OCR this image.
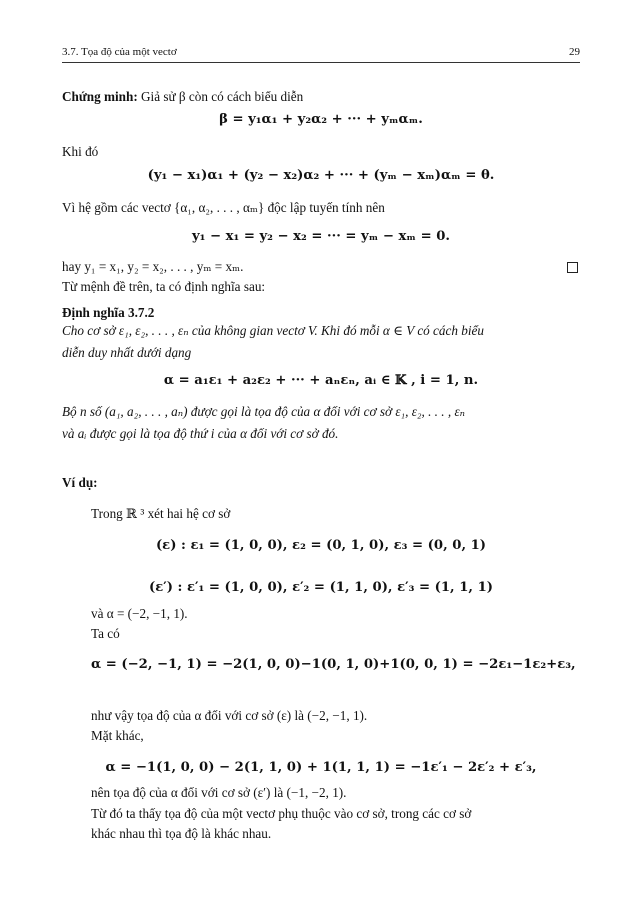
3.7. Tọa độ của một vectơ	29
Chứng minh: Giả sử β còn có cách biểu diễn
β = y₁α₁ + y₂α₂ + ··· + yₘαₘ.
Khi đó
(y₁ − x₁)α₁ + (y₂ − x₂)α₂ + ··· + (yₘ − xₘ)αₘ = θ.
Vì hệ gồm các vectơ {α₁, α₂, . . . , αₘ} độc lập tuyến tính nên
y₁ − x₁ = y₂ − x₂ = ··· = yₘ − xₘ = 0.
hay y₁ = x₁, y₂ = x₂, . . . , yₘ = xₘ.
Từ mệnh đề trên, ta có định nghĩa sau:
Định nghĩa 3.7.2
Cho cơ sở ε₁, ε₂, . . . , εₙ của không gian vectơ V. Khi đó mỗi α ∈ V có cách biểu
diễn duy nhất dưới dạng
α = a₁ε₁ + a₂ε₂ + ··· + aₙεₙ, aᵢ ∈ 𝕂 , i = 1, n.
Bộ n số (a₁, a₂, . . . , aₙ) được gọi là tọa độ của α đối với cơ sở ε₁, ε₂, . . . , εₙ
và aᵢ được gọi là tọa độ thứ i của α đối với cơ sở đó.
Ví dụ:
Trong ℝ ³ xét hai hệ cơ sở
(ε) : ε₁ = (1, 0, 0), ε₂ = (0, 1, 0), ε₃ = (0, 0, 1)
(ε′) : ε′₁ = (1, 0, 0), ε′₂ = (1, 1, 0), ε′₃ = (1, 1, 1)
và α = (−2, −1, 1).
Ta có
α = (−2, −1, 1) = −2(1, 0, 0)−1(0, 1, 0)+1(0, 0, 1) = −2ε₁−1ε₂+ε₃,
như vậy tọa độ của α đối với cơ sở (ε) là (−2, −1, 1).
Mặt khác,
α = −1(1, 0, 0) − 2(1, 1, 0) + 1(1, 1, 1) = −1ε′₁ − 2ε′₂ + ε′₃,
nên tọa độ của α đối với cơ sở (ε′) là (−1, −2, 1).
Từ đó ta thấy tọa độ của một vectơ phụ thuộc vào cơ sở, trong các cơ sở
khác nhau thì tọa độ là khác nhau.
